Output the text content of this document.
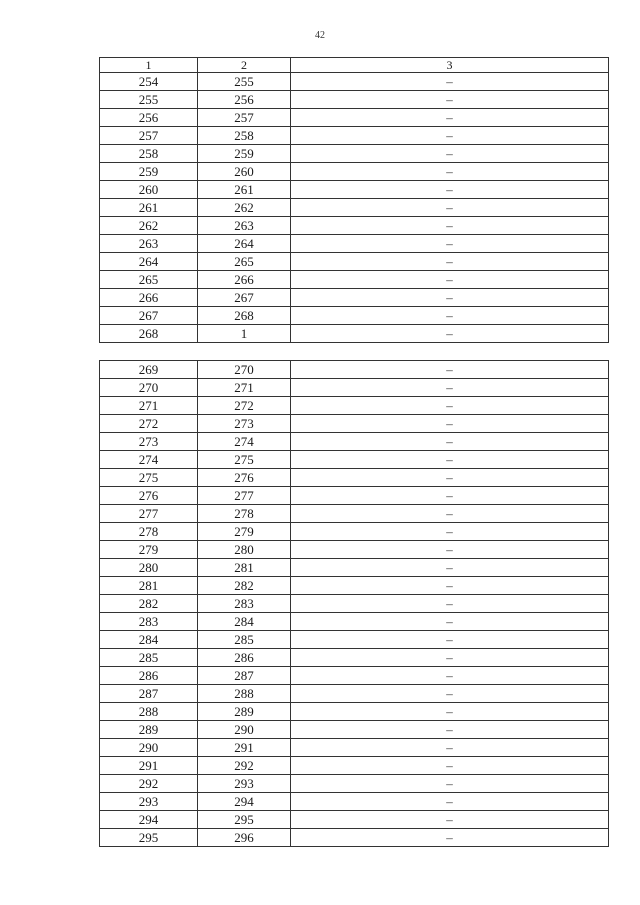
42
1	2	3
254	255	–
255	256	–
256	257	–
257	258	–
258	259	–
259	260	–
260	261	–
261	262	–
262	263	–
263	264	–
264	265	–
265	266	–
266	267	–
267	268	–
268	1	–

269	270	–
270	271	–
271	272	–
272	273	–
273	274	–
274	275	–
275	276	–
276	277	–
277	278	–
278	279	–
279	280	–
280	281	–
281	282	–
282	283	–
283	284	–
284	285	–
285	286	–
286	287	–
287	288	–
288	289	–
289	290	–
290	291	–
291	292	–
292	293	–
293	294	–
294	295	–
295	296	–
